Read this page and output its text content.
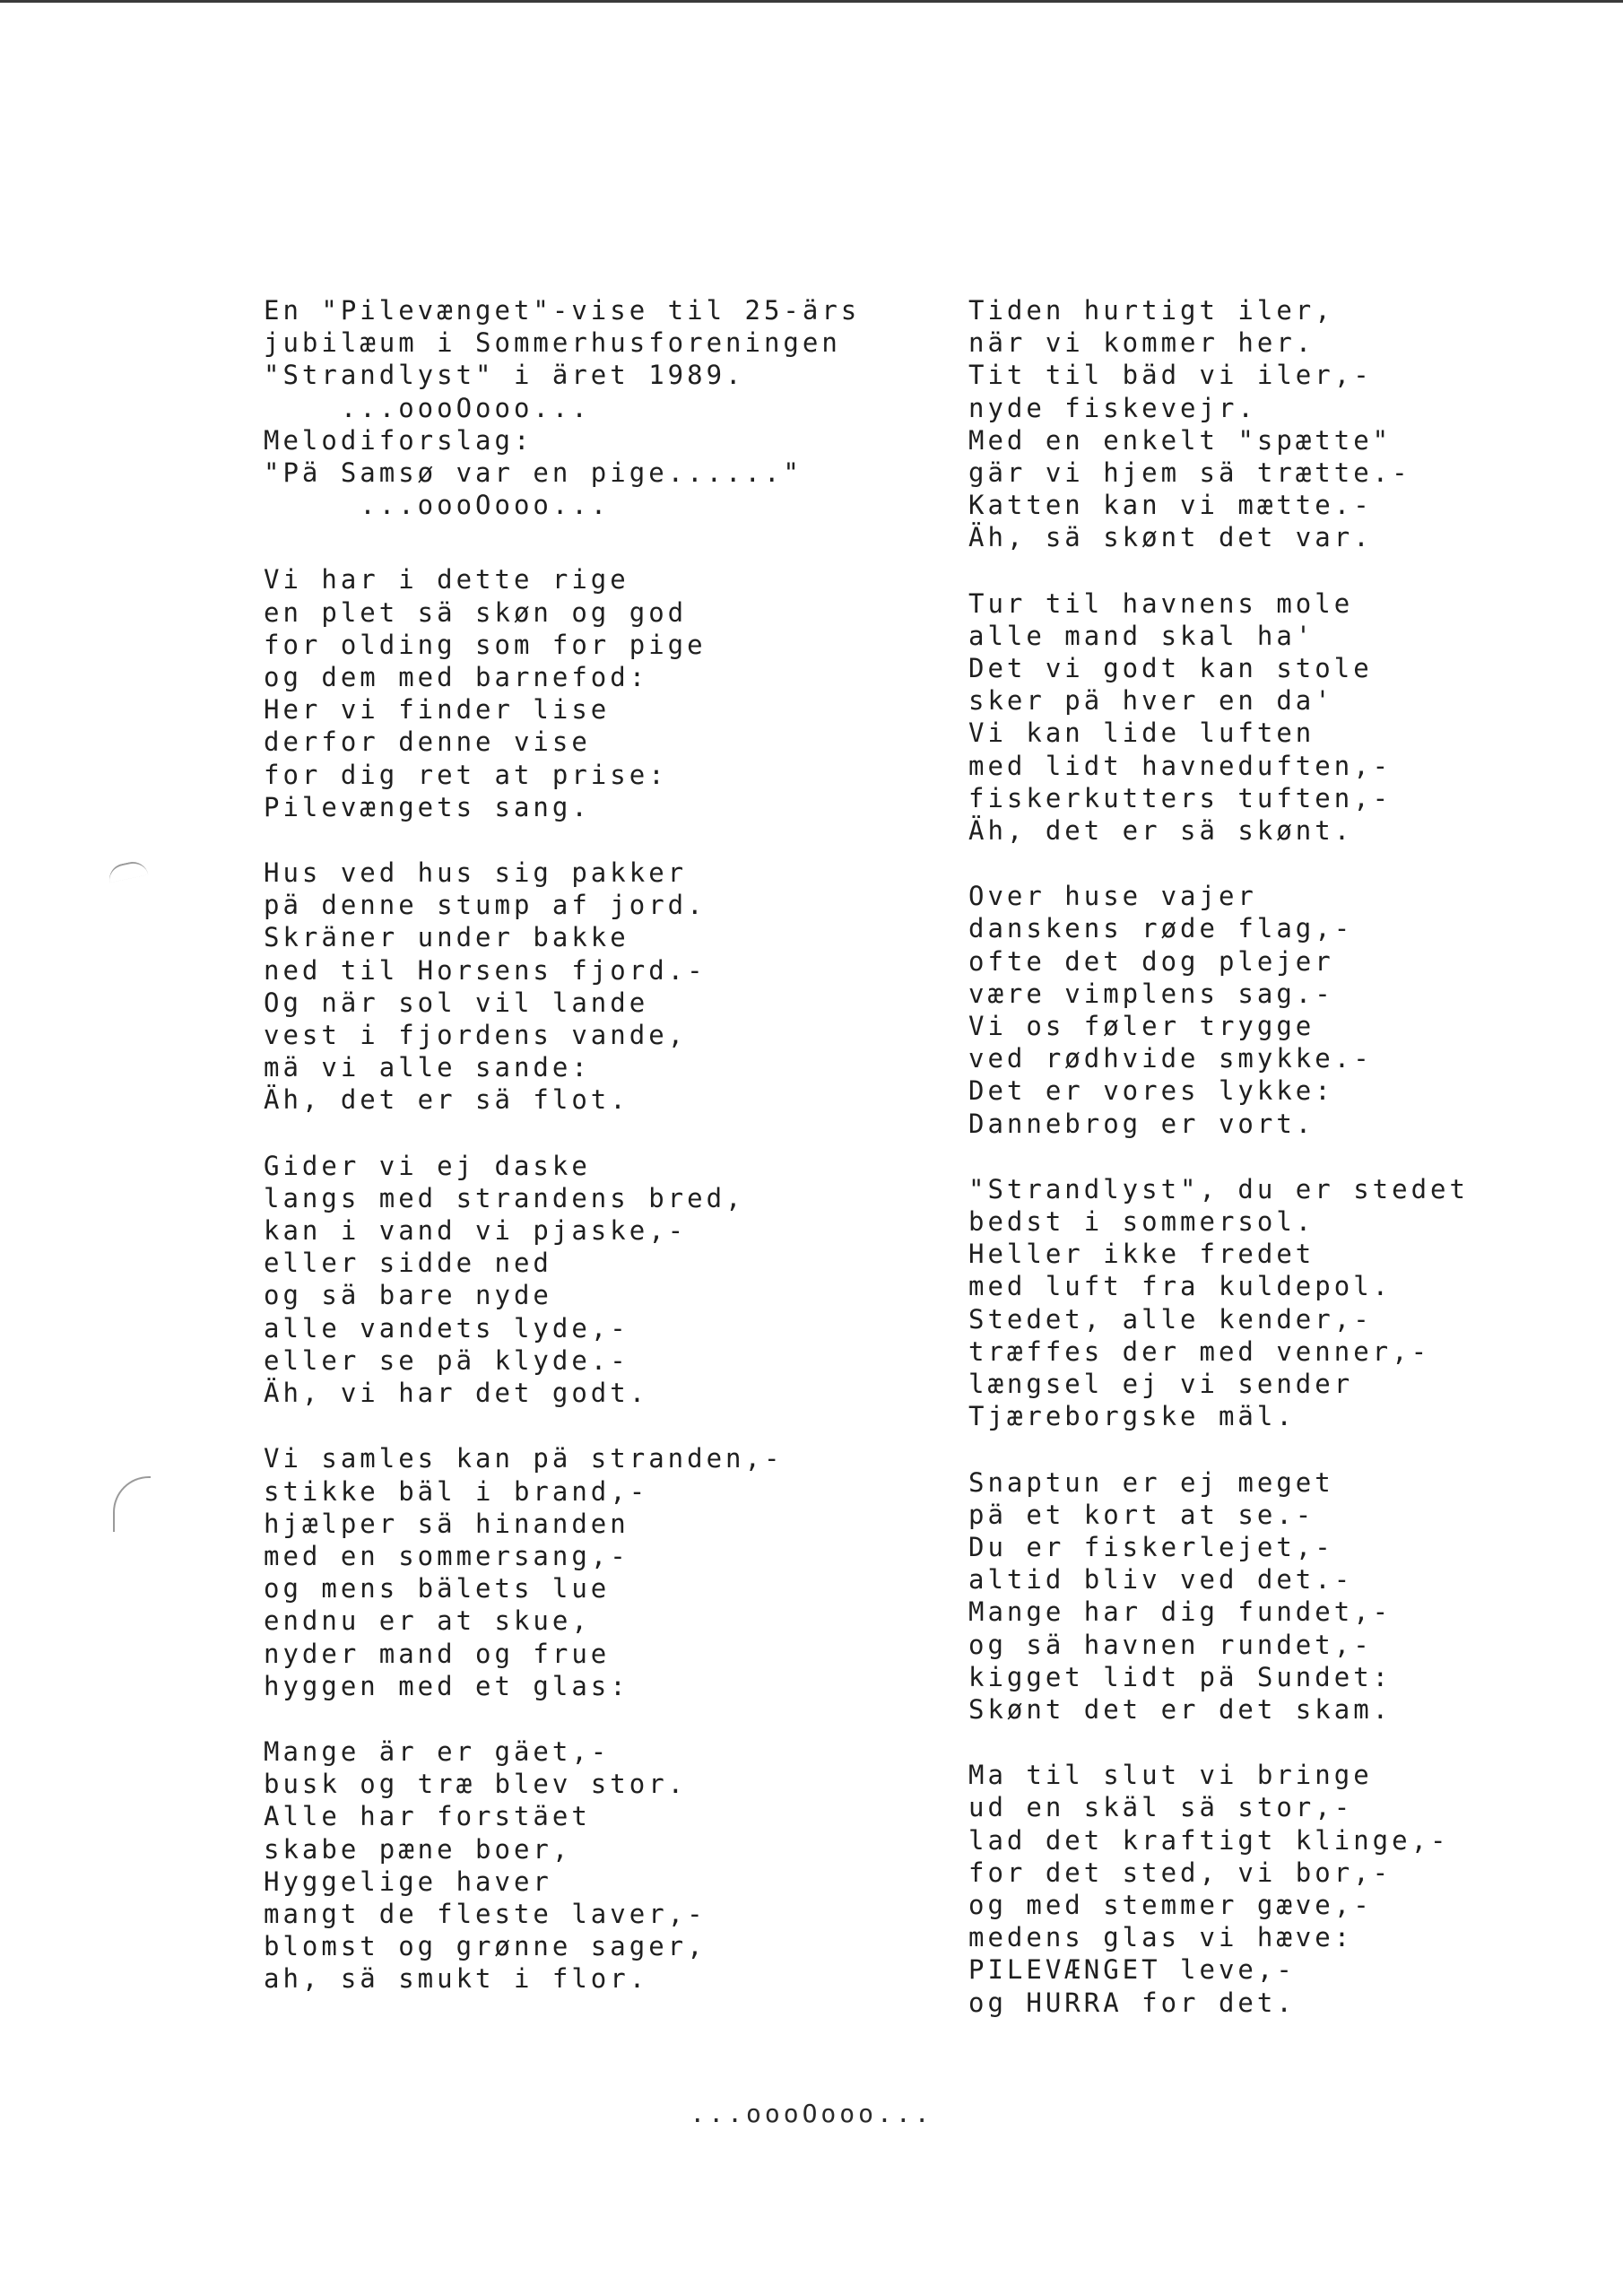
En "Pilevænget"-vise til 25-ärs
jubilæum i Sommerhusforeningen
"Strandlyst" i äret 1989.
...oooOooo...
Melodiforslag:
"Pä Samsø var en pige......"
...oooOooo...
Vi har i dette rige
en plet sä skøn og god
for olding som for pige
og dem med barnefod:
Her vi finder lise
derfor denne vise
for dig ret at prise:
Pilevængets sang.
Hus ved hus sig pakker
pä denne stump af jord.
Skräner under bakke
ned til Horsens fjord.-
Og när sol vil lande
vest i fjordens vande,
mä vi alle sande:
Äh, det er sä flot.
Gider vi ej daske
langs med strandens bred,
kan i vand vi pjaske,-
eller sidde ned
og sä bare nyde
alle vandets lyde,-
eller se pä klyde.-
Äh, vi har det godt.
Vi samles kan pä stranden,-
stikke bäl i brand,-
hjælper sä hinanden
med en sommersang,-
og mens bälets lue
endnu er at skue,
nyder mand og frue
hyggen med et glas:
Mange är er gäet,-
busk og træ blev stor.
Alle har forstäet
skabe pæne boer,
Hyggelige haver
mangt de fleste laver,-
blomst og grønne sager,
ah, sä smukt i flor.
Tiden hurtigt iler,
när vi kommer her.
Tit til bäd vi iler,-
nyde fiskevejr.
Med en enkelt "spætte"
gär vi hjem sä trætte.-
Katten kan vi mætte.-
Äh, sä skønt det var.
Tur til havnens mole
alle mand skal ha'
Det vi godt kan stole
sker pä hver en da'
Vi kan lide luften
med lidt havneduften,-
fiskerkutters tuften,-
Äh, det er sä skønt.
Over huse vajer
danskens røde flag,-
ofte det dog plejer
være vimplens sag.-
Vi os føler trygge
ved rødhvide smykke.-
Det er vores lykke:
Dannebrog er vort.
"Strandlyst", du er stedet
bedst i sommersol.
Heller ikke fredet
med luft fra kuldepol.
Stedet, alle kender,-
træffes der med venner,-
længsel ej vi sender
Tjæreborgske mäl.
Snaptun er ej meget
pä et kort at se.-
Du er fiskerlejet,-
altid bliv ved det.-
Mange har dig fundet,-
og sä havnen rundet,-
kigget lidt pä Sundet:
Skønt det er det skam.
Ma til slut vi bringe
ud en skäl sä stor,-
lad det kraftigt klinge,-
for det sted, vi bor,-
og med stemmer gæve,-
medens glas vi hæve:
PILEVÆNGET leve,-
og HURRA for det.
...oooOooo...
